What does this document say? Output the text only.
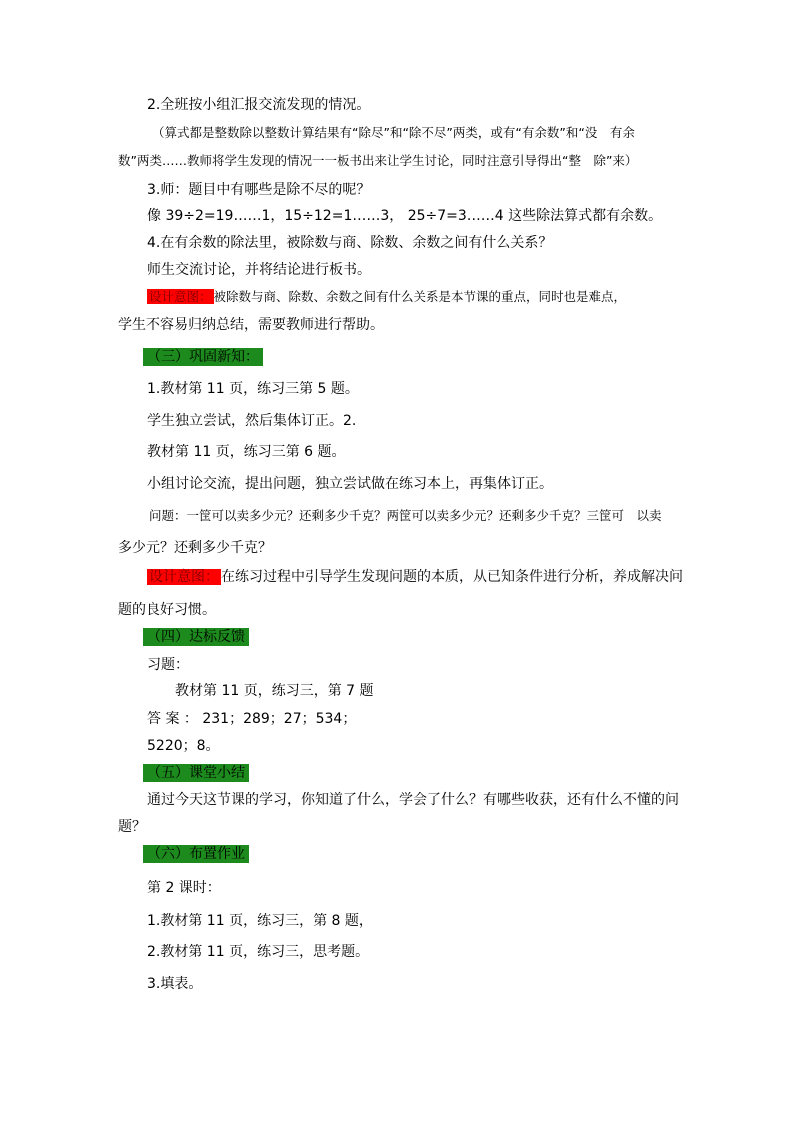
2.全班按小组汇报交流发现的情况。
（算式都是整数除以整数计算结果有“除尽”和“除不尽”两类，或有“有余数”和“没　有余
数”两类……教师将学生发现的情况一一板书出来让学生讨论，同时注意引导得出“整　除”来）
3.师：题目中有哪些是除不尽的呢？
像 39÷2=19……1，15÷12=1……3， 25÷7=3……4 这些除法算式都有余数。
4.在有余数的除法里，被除数与商、除数、余数之间有什么关系？
师生交流讨论，并将结论进行板书。
设计意图： 被除数与商、除数、余数之间有什么关系是本节课的重点，同时也是难点，
学生不容易归纳总结，需要教师进行帮助。
（三）巩固新知：
1.教材第 11 页，练习三第 5 题。
学生独立尝试，然后集体订正。2.
教材第 11 页，练习三第 6 题。
小组讨论交流，提出问题，独立尝试做在练习本上，再集体订正。
问题：一筐可以卖多少元？还剩多少千克？两筐可以卖多少元？还剩多少千克？三筐可　以卖
多少元？还剩多少千克？
设计意图： 在练习过程中引导学生发现问题的本质，从已知条件进行分析，养成解决问
题的良好习惯。
（四）达标反馈
习题：
教材第 11 页，练习三，第 7 题
答 案 ： 231；289；27；534；
5220；8。
（五）课堂小结
通过今天这节课的学习，你知道了什么，学会了什么？有哪些收获，还有什么不懂的问
题？
（六）布置作业
第 2 课时：
1.教材第 11 页，练习三，第 8 题，
2.教材第 11 页，练习三，思考题。
3.填表。
